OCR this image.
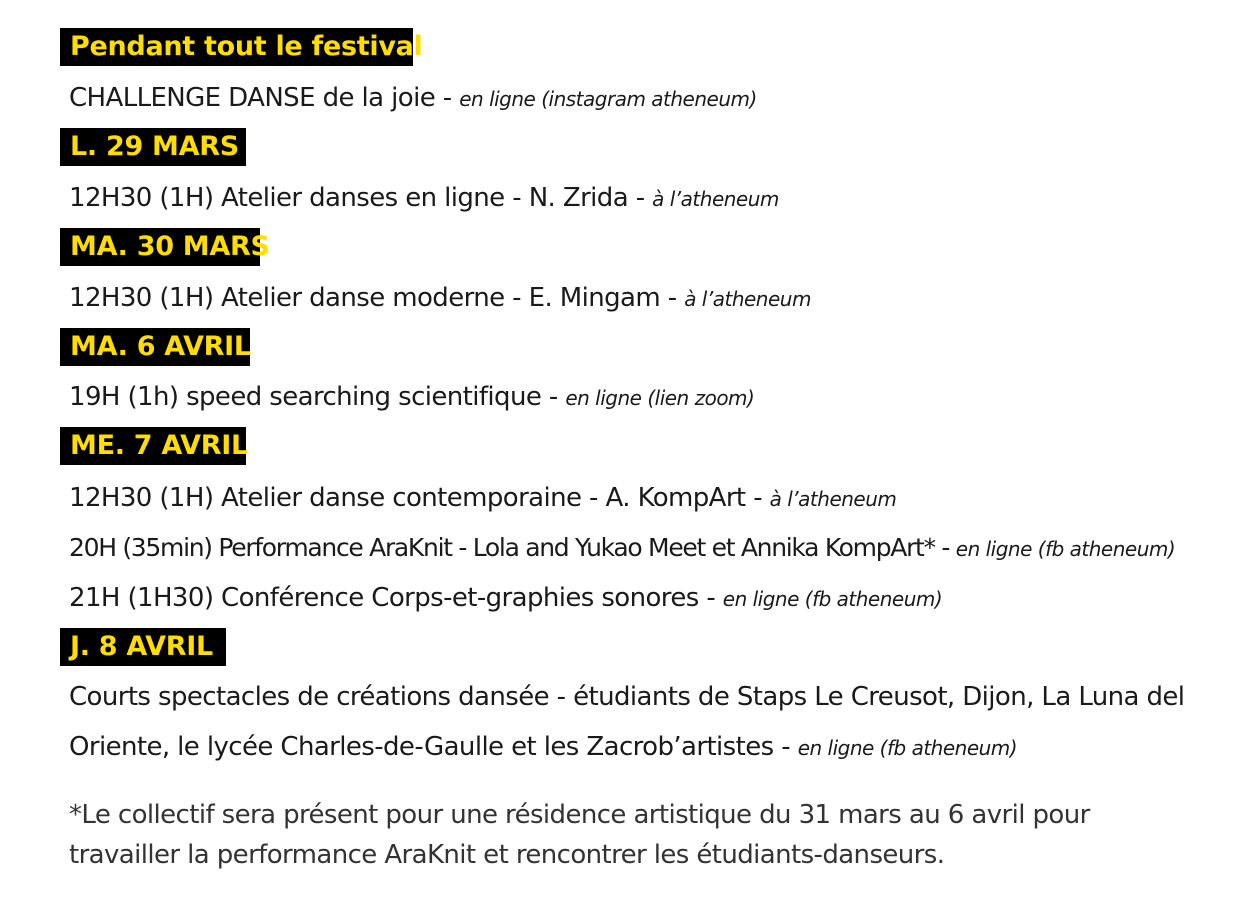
Pendant tout le festival
CHALLENGE DANSE de la joie - en ligne (instagram atheneum)
L. 29 MARS
12H30 (1H) Atelier danses en ligne - N. Zrida - à l’atheneum
MA. 30 MARS
12H30 (1H) Atelier danse moderne - E. Mingam - à l’atheneum
MA. 6 AVRIL
19H (1h) speed searching scientifique - en ligne (lien zoom)
ME. 7 AVRIL
12H30 (1H) Atelier danse contemporaine - A. KompArt - à l’atheneum
20H (35min) Performance AraKnit - Lola and Yukao Meet et Annika KompArt* - en ligne (fb atheneum)
21H (1H30) Conférence Corps-et-graphies sonores - en ligne (fb atheneum)
J. 8 AVRIL
Courts spectacles de créations dansée - étudiants de Staps Le Creusot, Dijon, La Luna del Oriente, le lycée Charles-de-Gaulle et les Zacrob’artistes - en ligne (fb atheneum)
*Le collectif sera présent pour une résidence artistique du 31 mars au 6 avril pour travailler la performance AraKnit et rencontrer les étudiants-danseurs.
